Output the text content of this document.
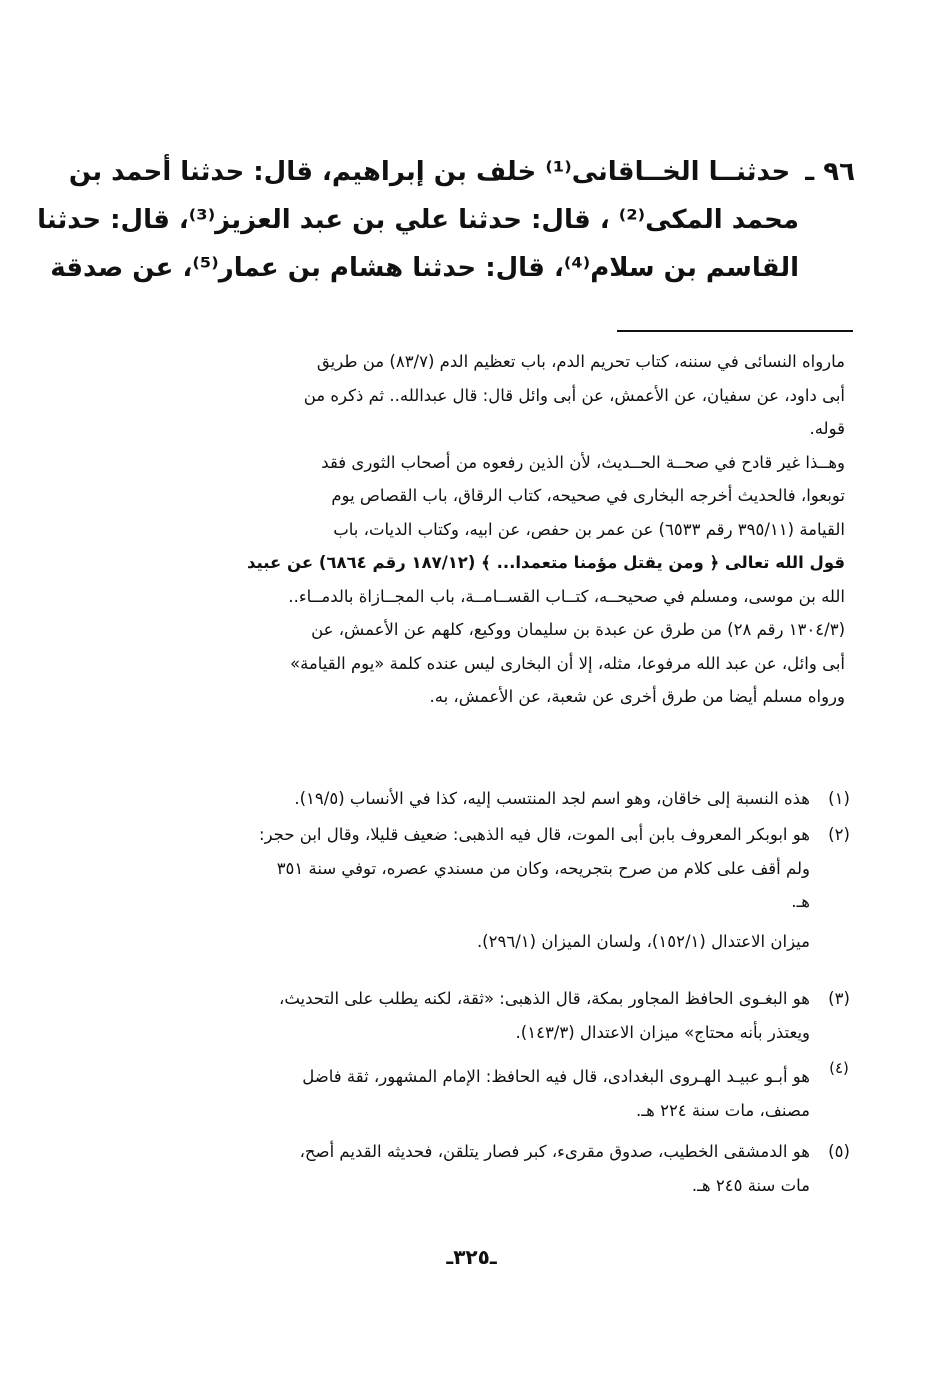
٩٦ ـ حدثنــا الخــاقانى⁽¹⁾ خلف بن إبراهيم، قال: حدثنا أحمد بن
محمد المكى⁽²⁾ ، قال: حدثنا علي بن عبد العزيز⁽³⁾، قال: حدثنا
القاسم بن سلام⁽⁴⁾، قال: حدثنا هشام بن عمار⁽⁵⁾، عن صدقة
مارواه النسائى في سننه، كتاب تحريم الدم، باب تعظيم الدم (٨٣/٧) من طريق
أبى داود، عن سفيان، عن الأعمش، عن أبى وائل قال: قال عبدالله.. ثم ذكره من
قوله.
وهــذا غير قادح في صحــة الحــديث، لأن الذين رفعوه من أصحاب الثورى فقد
توبعوا، فالحديث أخرجه البخارى في صحيحه، كتاب الرقاق، باب القصاص يوم
القيامة (٣٩٥/١١ رقم ٦٥٣٣) عن عمر بن حفص، عن ابيه، وكتاب الديات، باب
قول الله تعالى ﴿ ومن يقتل مؤمنا متعمدا... ﴾ (١٨٧/١٢ رقم ٦٨٦٤) عن عبيد
الله بن موسى، ومسلم في صحيحــه، كتــاب القســامــة، باب المجــازاة بالدمــاء..
(١٣٠٤/٣ رقم ٢٨) من طرق عن عبدة بن سليمان ووكيع، كلهم عن الأعمش، عن
أبى وائل، عن عبد الله مرفوعا، مثله، إلا أن البخارى ليس عنده كلمة «يوم القيامة»
ورواه مسلم أيضا من طرق أخرى عن شعبة، عن الأعمش، به.
(١)
هذه النسبة إلى خاقان، وهو اسم لجد المنتسب إليه، كذا في الأنساب (١٩/٥).
(٢)
هو ابوبكر المعروف بابن أبى الموت، قال فيه الذهبى: ضعيف قليلا، وقال ابن حجر:
ولم أقف على كلام من صرح بتجريحه، وكان من مسندي عصره، توفي سنة ٣٥١
هـ.
ميزان الاعتدال (١٥٢/١)، ولسان الميزان (٢٩٦/١).
(٣)
هو البغـوى الحافظ المجاور بمكة، قال الذهبى: «ثقة، لكنه يطلب على التحديث،
ويعتذر بأنه محتاج» ميزان الاعتدال (١٤٣/٣).
(٤)
هو أبـو عبيـد الهـروى البغدادى، قال فيه الحافظ: الإمام المشهور، ثقة فاضل
مصنف، مات سنة ٢٢٤ هـ.
(٥)
هو الدمشقى الخطيب، صدوق مقرىء، كبر فصار يتلقن، فحديثه القديم أصح،
مات سنة ٢٤٥ هـ.
ـ٣٢٥ـ
